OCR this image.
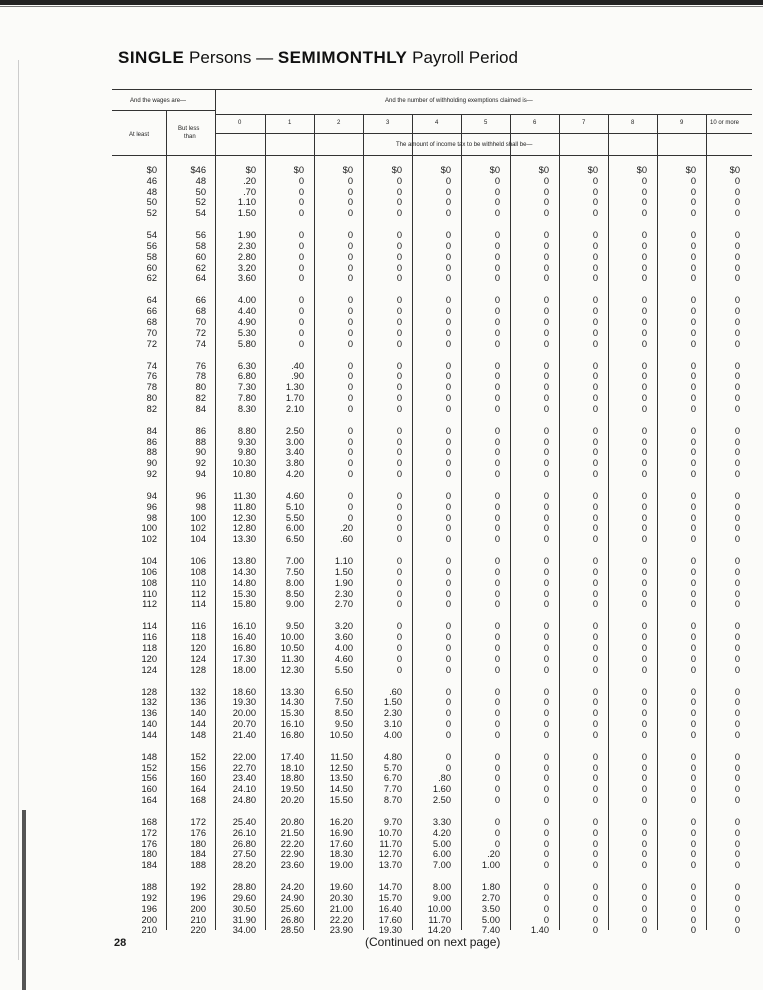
SINGLE Persons — SEMIMONTHLY Payroll Period
And the wages are—	And the number of withholding exemptions claimed is—
At least
But less
than
The amount of income tax to be withheld shall be—
0	1	2	3	4	5	6	7	8	9	10 or more
$0	$46	$0	$0	$0	$0	$0	$0	$0	$0	$0	$0	$0
46	48	.20	0	0	0	0	0	0	0	0	0	0
48	50	.70	0	0	0	0	0	0	0	0	0	0
50	52	1.10	0	0	0	0	0	0	0	0	0	0
52	54	1.50	0	0	0	0	0	0	0	0	0	0
54	56	1.90	0	0	0	0	0	0	0	0	0	0
56	58	2.30	0	0	0	0	0	0	0	0	0	0
58	60	2.80	0	0	0	0	0	0	0	0	0	0
60	62	3.20	0	0	0	0	0	0	0	0	0	0
62	64	3.60	0	0	0	0	0	0	0	0	0	0
64	66	4.00	0	0	0	0	0	0	0	0	0	0
66	68	4.40	0	0	0	0	0	0	0	0	0	0
68	70	4.90	0	0	0	0	0	0	0	0	0	0
70	72	5.30	0	0	0	0	0	0	0	0	0	0
72	74	5.80	0	0	0	0	0	0	0	0	0	0
74	76	6.30	.40	0	0	0	0	0	0	0	0	0
76	78	6.80	.90	0	0	0	0	0	0	0	0	0
78	80	7.30	1.30	0	0	0	0	0	0	0	0	0
80	82	7.80	1.70	0	0	0	0	0	0	0	0	0
82	84	8.30	2.10	0	0	0	0	0	0	0	0	0
84	86	8.80	2.50	0	0	0	0	0	0	0	0	0
86	88	9.30	3.00	0	0	0	0	0	0	0	0	0
88	90	9.80	3.40	0	0	0	0	0	0	0	0	0
90	92	10.30	3.80	0	0	0	0	0	0	0	0	0
92	94	10.80	4.20	0	0	0	0	0	0	0	0	0
94	96	11.30	4.60	0	0	0	0	0	0	0	0	0
96	98	11.80	5.10	0	0	0	0	0	0	0	0	0
98	100	12.30	5.50	0	0	0	0	0	0	0	0	0
100	102	12.80	6.00	.20	0	0	0	0	0	0	0	0
102	104	13.30	6.50	.60	0	0	0	0	0	0	0	0
104	106	13.80	7.00	1.10	0	0	0	0	0	0	0	0
106	108	14.30	7.50	1.50	0	0	0	0	0	0	0	0
108	110	14.80	8.00	1.90	0	0	0	0	0	0	0	0
110	112	15.30	8.50	2.30	0	0	0	0	0	0	0	0
112	114	15.80	9.00	2.70	0	0	0	0	0	0	0	0
114	116	16.10	9.50	3.20	0	0	0	0	0	0	0	0
116	118	16.40	10.00	3.60	0	0	0	0	0	0	0	0
118	120	16.80	10.50	4.00	0	0	0	0	0	0	0	0
120	124	17.30	11.30	4.60	0	0	0	0	0	0	0	0
124	128	18.00	12.30	5.50	0	0	0	0	0	0	0	0
128	132	18.60	13.30	6.50	.60	0	0	0	0	0	0	0
132	136	19.30	14.30	7.50	1.50	0	0	0	0	0	0	0
136	140	20.00	15.30	8.50	2.30	0	0	0	0	0	0	0
140	144	20.70	16.10	9.50	3.10	0	0	0	0	0	0	0
144	148	21.40	16.80	10.50	4.00	0	0	0	0	0	0	0
148	152	22.00	17.40	11.50	4.80	0	0	0	0	0	0	0
152	156	22.70	18.10	12.50	5.70	0	0	0	0	0	0	0
156	160	23.40	18.80	13.50	6.70	.80	0	0	0	0	0	0
160	164	24.10	19.50	14.50	7.70	1.60	0	0	0	0	0	0
164	168	24.80	20.20	15.50	8.70	2.50	0	0	0	0	0	0
168	172	25.40	20.80	16.20	9.70	3.30	0	0	0	0	0	0
172	176	26.10	21.50	16.90	10.70	4.20	0	0	0	0	0	0
176	180	26.80	22.20	17.60	11.70	5.00	0	0	0	0	0	0
180	184	27.50	22.90	18.30	12.70	6.00	.20	0	0	0	0	0
184	188	28.20	23.60	19.00	13.70	7.00	1.00	0	0	0	0	0
188	192	28.80	24.20	19.60	14.70	8.00	1.80	0	0	0	0	0
192	196	29.60	24.90	20.30	15.70	9.00	2.70	0	0	0	0	0
196	200	30.50	25.60	21.00	16.40	10.00	3.50	0	0	0	0	0
200	210	31.90	26.80	22.20	17.60	11.70	5.00	0	0	0	0	0
210	220	34.00	28.50	23.90	19.30	14.20	7.40	1.40	0	0	0	0
28	(Continued on next page)
